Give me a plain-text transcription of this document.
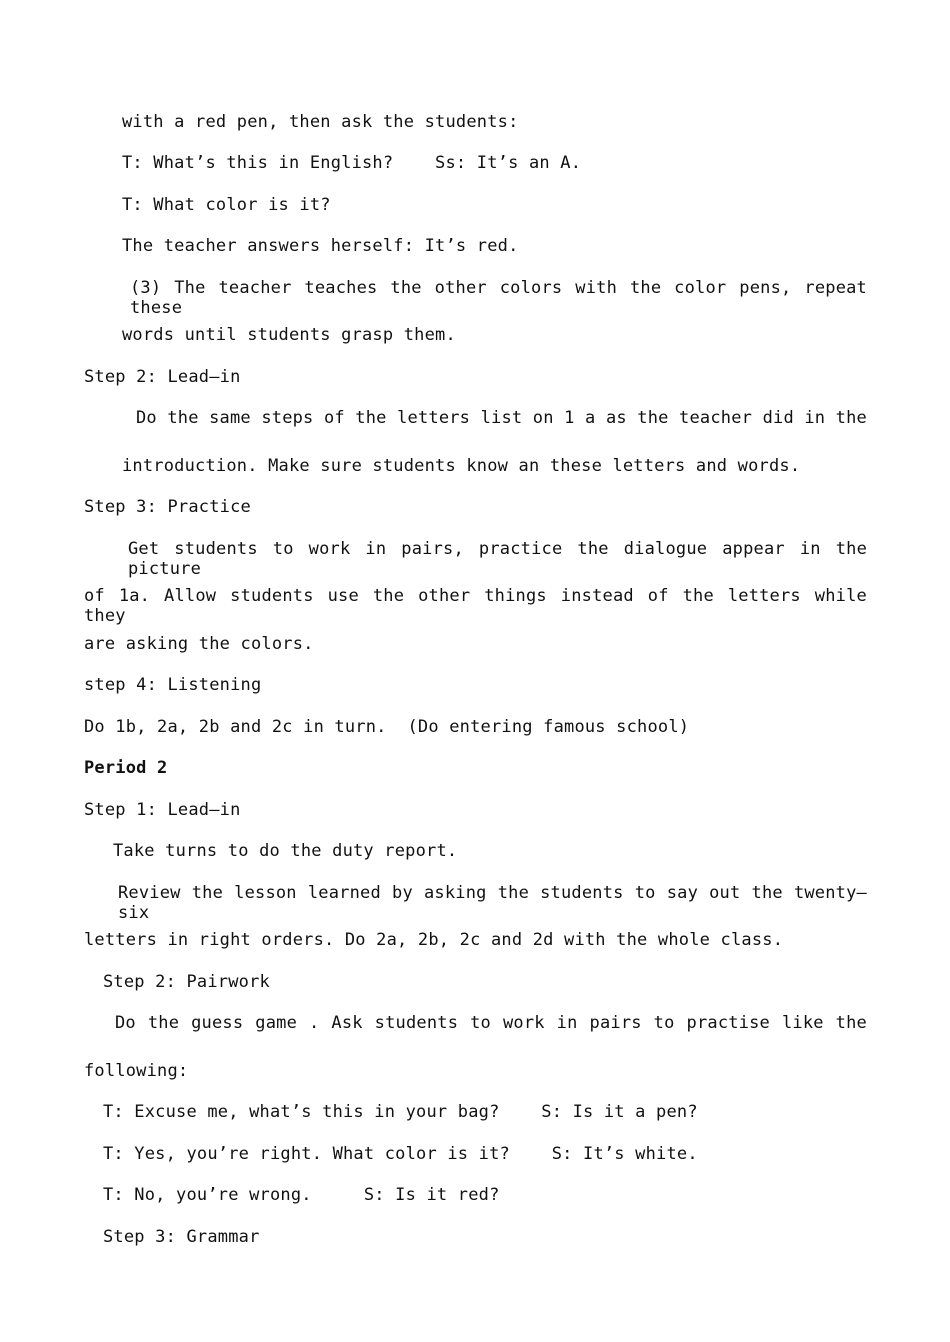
with a red pen, then ask the students:
T: What’s this in English?    Ss: It’s an A.
T: What color is it?
The teacher answers herself: It’s red.
(3) The teacher teaches the other colors with the color pens, repeat these
words until students grasp them.
Step 2: Lead—in
Do the same steps of the letters list on 1 a as the teacher did in the
introduction. Make sure students know an these letters and words.
Step 3: Practice
Get students to work in pairs, practice the dialogue appear in the picture
of 1a. Allow students use the other things instead of the letters while they
are asking the colors.
step 4: Listening
Do 1b, 2a, 2b and 2c in turn.  (Do entering famous school)
Period 2
Step 1: Lead—in
Take turns to do the duty report.
Review the lesson learned by asking the students to say out the twenty—six
letters in right orders. Do 2a, 2b, 2c and 2d with the whole class.
Step 2: Pairwork
Do the guess game . Ask students to work in pairs to practise like the
following:
T: Excuse me, what’s this in your bag?    S: Is it a pen?
T: Yes, you’re right. What color is it?    S: It’s white.
T: No, you’re wrong.     S: Is it red?
Step 3: Grammar
